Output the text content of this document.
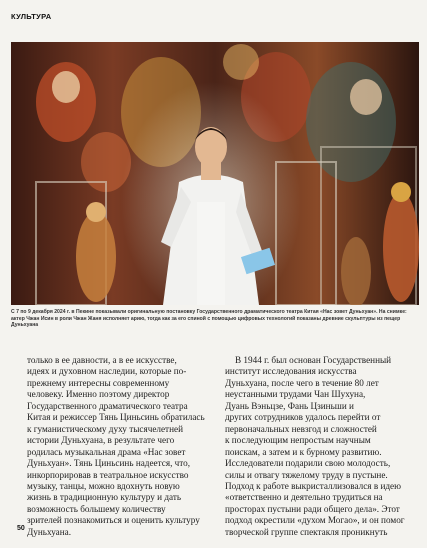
КУЛЬТУРА
С 7 по 9 декабря 2024 г. в Пекине показывали оригинальную постановку Государственного драматического театра Китая «Нас зовет Дуньхуан». На снимке: актер Чжан Исин в роли Чжан Жаня исполняет арию, тогда как за его спиной с помощью цифровых технологий показаны древние скульптуры из пещер Дуньхуана

только в ее давности, а в ее искусстве,

идеях и духовном наследии, которые по-

прежнему интересны современному

человеку. Именно поэтому директор

Государственного драматического театра

Китая и режиссер Тянь Циньсинь обратилась

к гуманистическому духу тысячелетней

истории Дуньхуана, в результате чего

родилась музыкальная драма «Нас зовет

Дуньхуан». Тянь Циньсинь надеется, что,

инкорпорировав в театральное искусство

музыку, танцы, можно вдохнуть новую

жизнь в традиционную культуру и дать

возможность большему количеству

зрителей познакомиться и оценить культуру

Дуньхуана.

В 1944 г. был основан Государственный

институт исследования искусства

Дуньхуана, после чего в течение 80 лет

неустанными трудами Чан Шухуна,

Дуань Вэньцзе, Фань Цзиньши и

других сотрудников удалось перейти от

первоначальных невзгод и сложностей

к последующим непростым научным

поискам, а затем и к бурному развитию.

Исследователи подарили свою молодость,

силы и отвагу тяжелому труду в пустыне.

Подход к работе выкристаллизовался в идею

«ответственно и деятельно трудиться на

просторах пустыни ради общего дела». Этот

подход окрестили «духом Могао», и он помог

творческой группе спектакля проникнуть

50
